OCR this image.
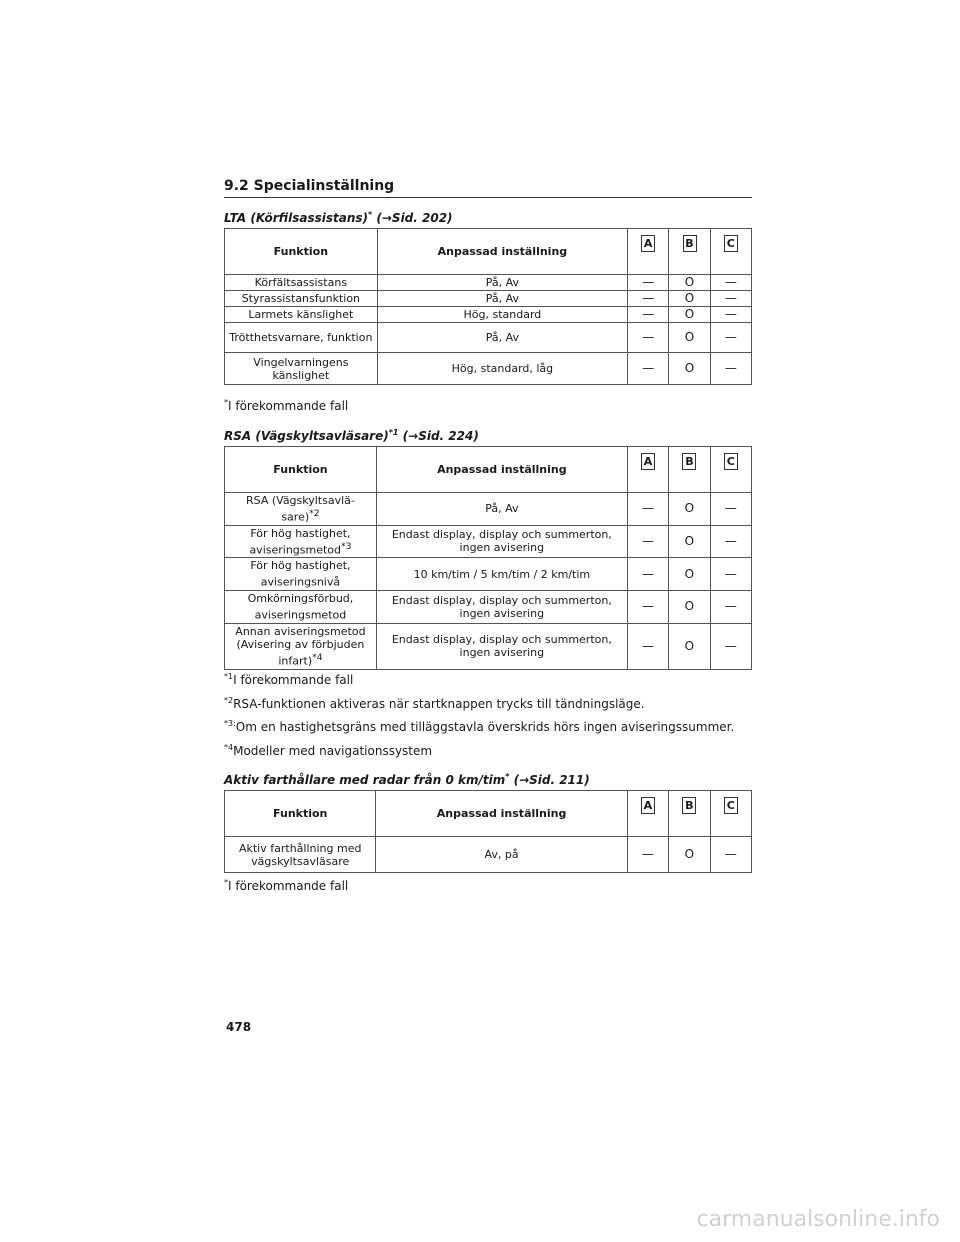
9.2 Specialinställning
LTA (Körfilsassistans)* (→Sid. 202)
Funktion	Anpassad inställning	A	B	C
Körfältsassistans	På, Av	—	O	—
Styrassistansfunktion	På, Av	—	O	—
Larmets känslighet	Hög, standard	—	O	—
Trötthetsvarnare, funktion	På, Av	—	O	—
Vingelvarningens känslighet	Hög, standard, låg	—	O	—
*I förekommande fall
RSA (Vägskyltsavläsare)$^{*1}$ (→Sid. 224)
Funktion	Anpassad inställning	A	B	C
RSA (Vägskyltsavlä-sare)$^{*2}$	På, Av	—	O	—
För hög hastighet, aviseringsmetod$^{*3}$	Endast display, display och summerton, ingen avisering	—	O	—
För hög hastighet, aviseringsnivå	10 km/tim / 5 km/tim / 2 km/tim	—	O	—
Omkörningsförbud, aviseringsmetod	Endast display, display och summerton, ingen avisering	—	O	—
Annan aviseringsmetod (Avisering av förbjuden infart)$^{*4}$	Endast display, display och summerton, ingen avisering	—	O	—
$^{*1}$I förekommande fall
$^{*2}$RSA-funktionen aktiveras när startknappen trycks till tändningsläge.
$^{*3:}$Om en hastighetsgräns med tilläggstavla överskrids hörs ingen aviseringssummer.
$^{*4}$Modeller med navigationssystem
Aktiv farthållare med radar från 0 km/tim* (→Sid. 211)
Funktion	Anpassad inställning	A	B	C
Aktiv farthållning med vägskyltsavläsare	Av, på	—	O	—
*I förekommande fall
478
carmanualsonline.info
